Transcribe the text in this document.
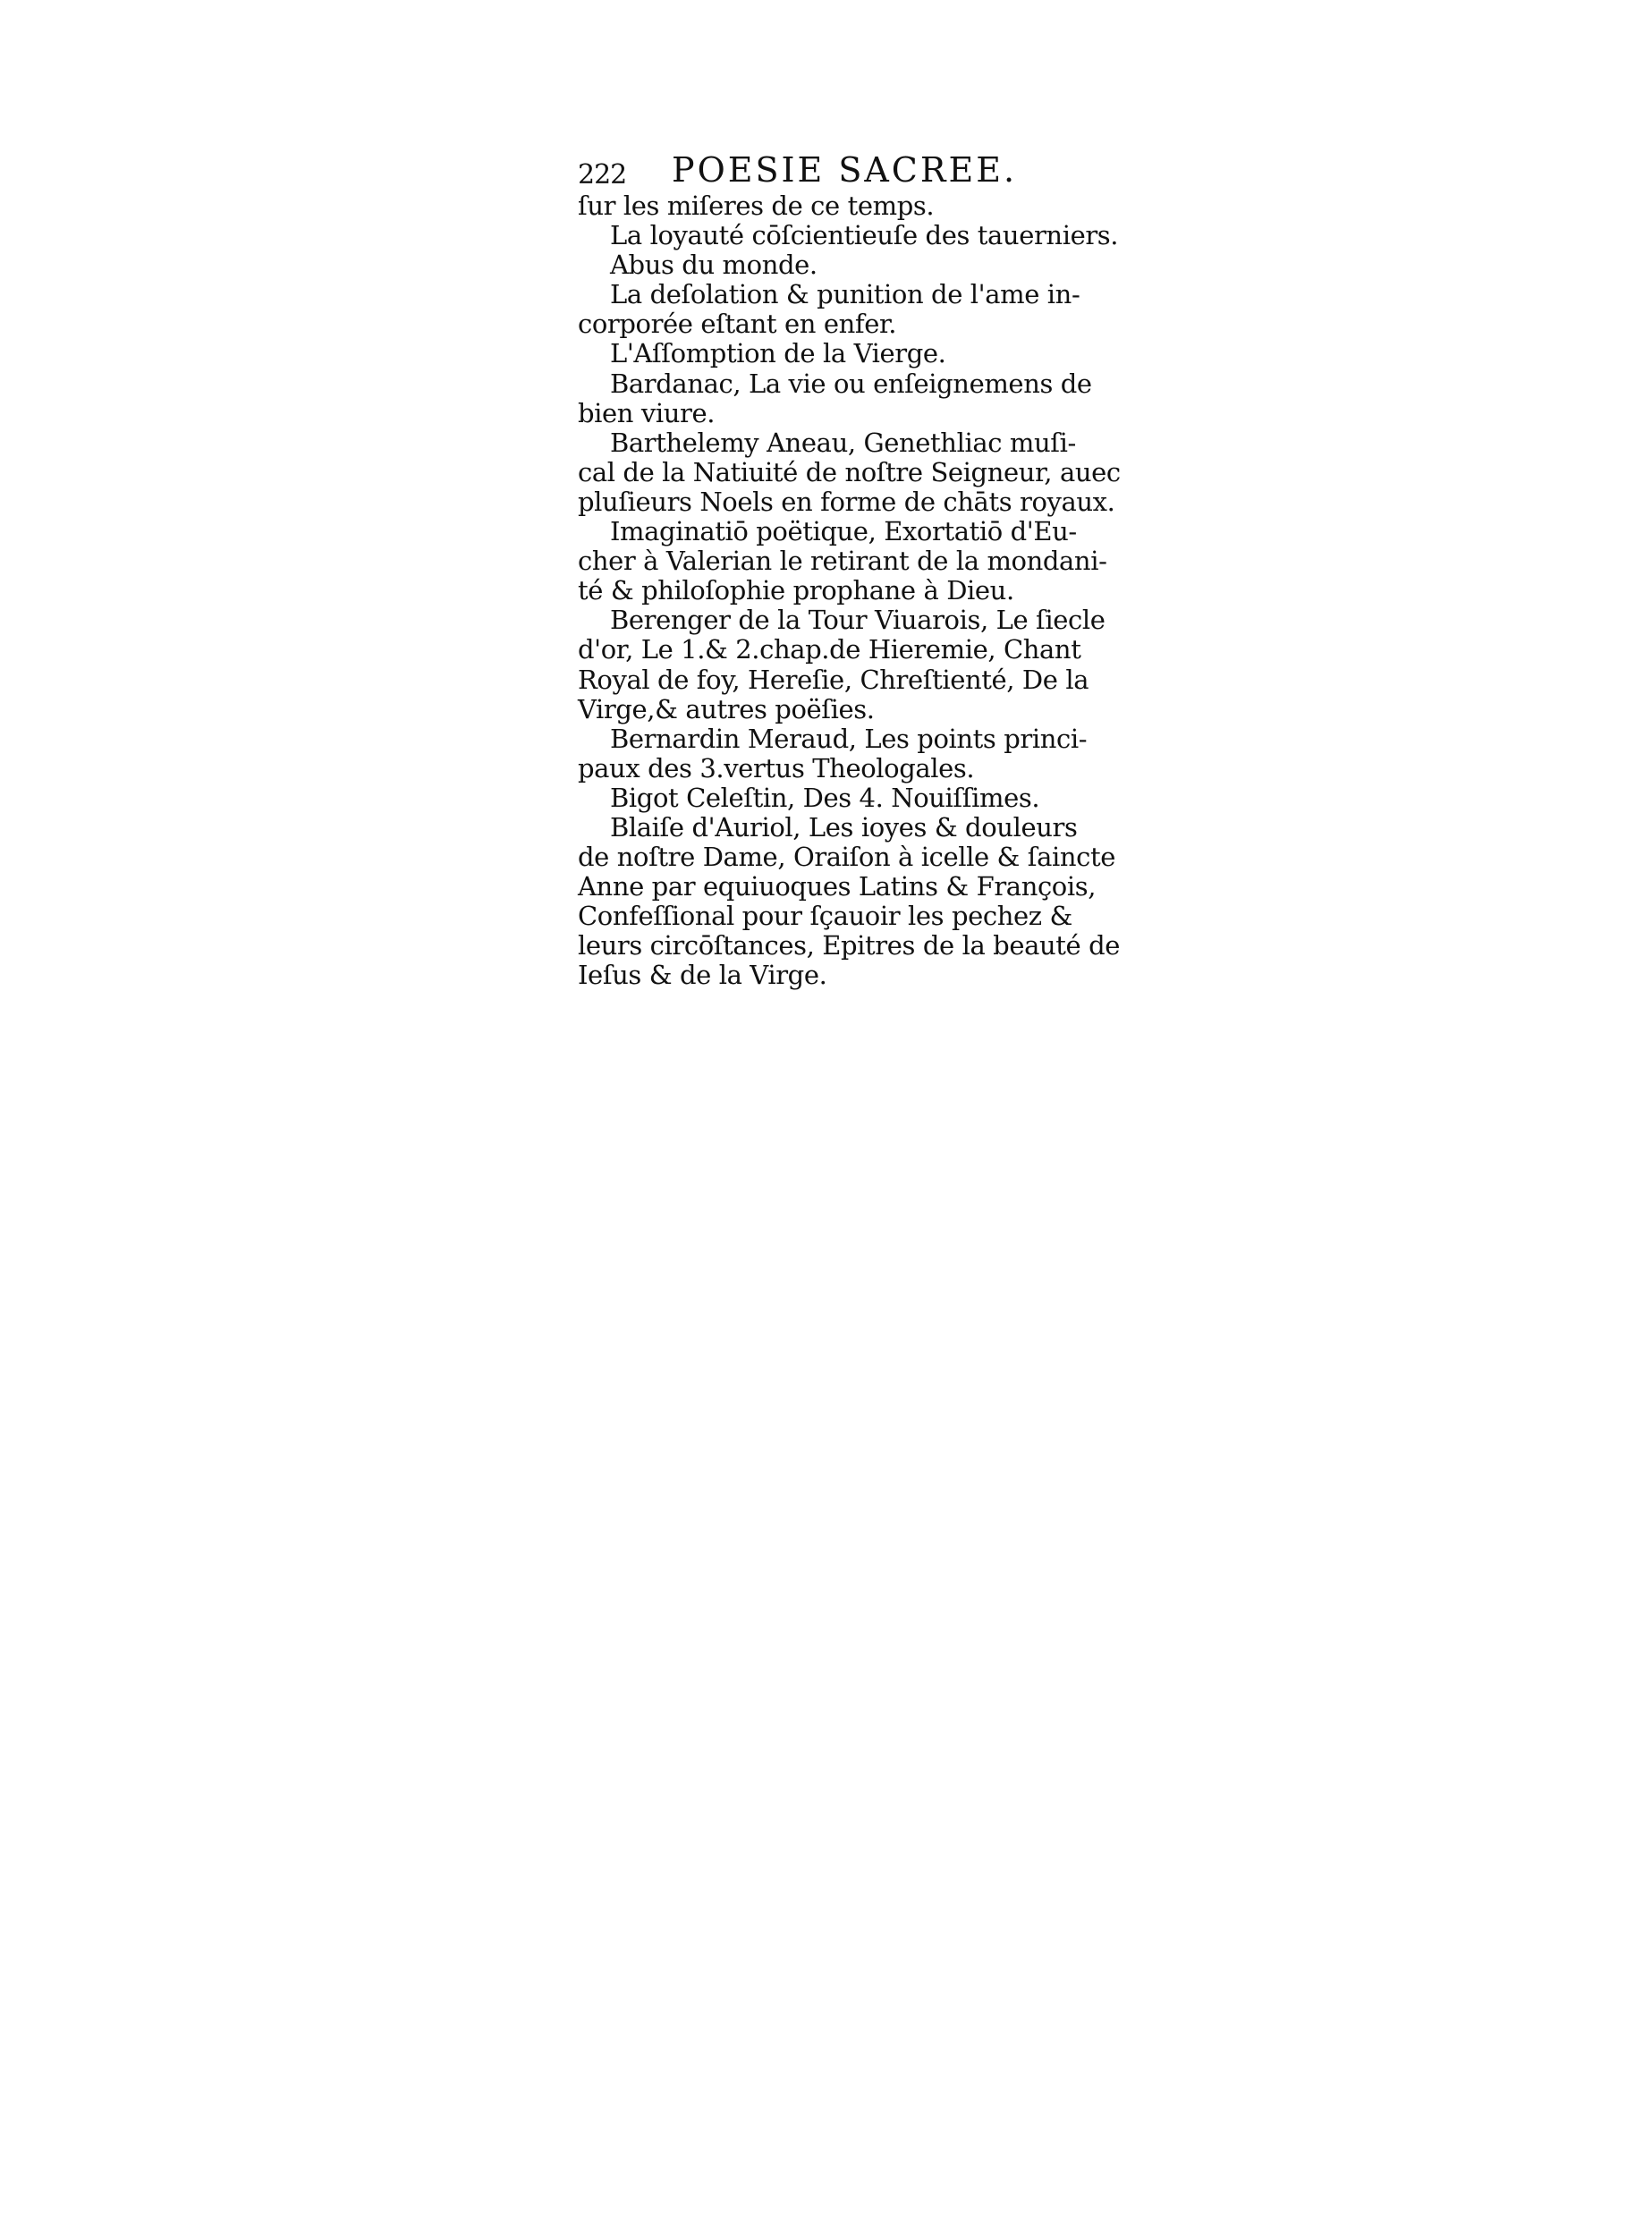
222 POESIE SACREE.
ſur les miſeres de ce temps.
La loyauté cōſcientieuſe des tauerniers.
Abus du monde.
La deſolation & punition de l'ame in-
corporée eſtant en enfer.
L'Aſſomption de la Vierge.
Bardanac, La vie ou enſeignemens de
bien viure.
Barthelemy Aneau, Genethliac muſi-
cal de la Natiuité de noſtre Seigneur, auec
pluſieurs Noels en forme de chāts royaux.
Imaginatiō poëtique, Exortatiō d'Eu-
cher à Valerian le retirant de la mondani-
té & philoſophie prophane à Dieu.
Berenger de la Tour Viuarois, Le ſiecle
d'or, Le 1.& 2.chap.de Hieremie, Chant
Royal de foy, Hereſie, Chreſtienté, De la
Virge,& autres poëſies.
Bernardin Meraud, Les points princi-
paux des 3.vertus Theologales.
Bigot Celeſtin, Des 4. Nouiſſimes.
Blaiſe d'Auriol, Les ioyes & douleurs
de noſtre Dame, Oraiſon à icelle & ſaincte
Anne par equiuoques Latins & François,
Confeſſional pour ſçauoir les pechez &
leurs circōſtances, Epitres de la beauté de
Ieſus & de la Virge.
